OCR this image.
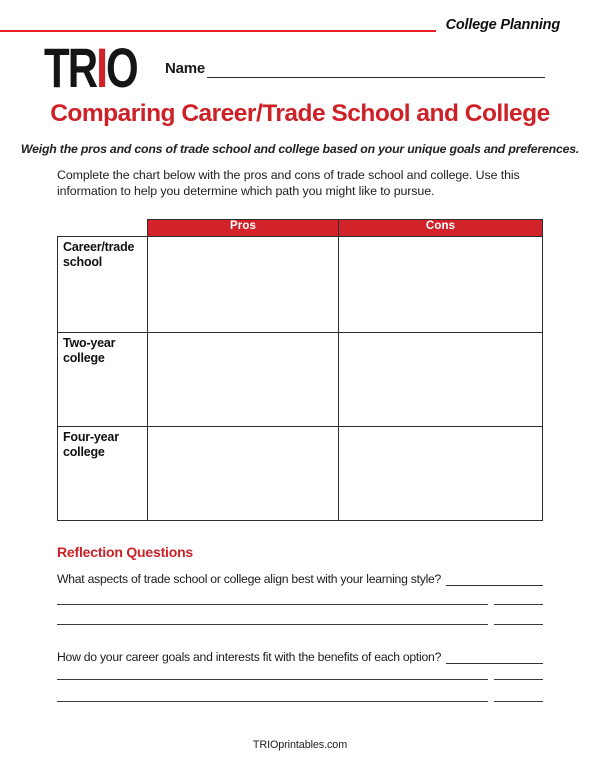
College Planning
TRIO Name
Comparing Career/Trade School and College
Weigh the pros and cons of trade school and college based on your unique goals and preferences.
Complete the chart below with the pros and cons of trade school and college. Use this information to help you determine which path you might like to pursue.
	Pros	Cons
Career/trade school		
Two-year college		
Four-year college		
Reflection Questions
What aspects of trade school or college align best with your learning style?
How do your career goals and interests fit with the benefits of each option?
TRIOprintables.com
